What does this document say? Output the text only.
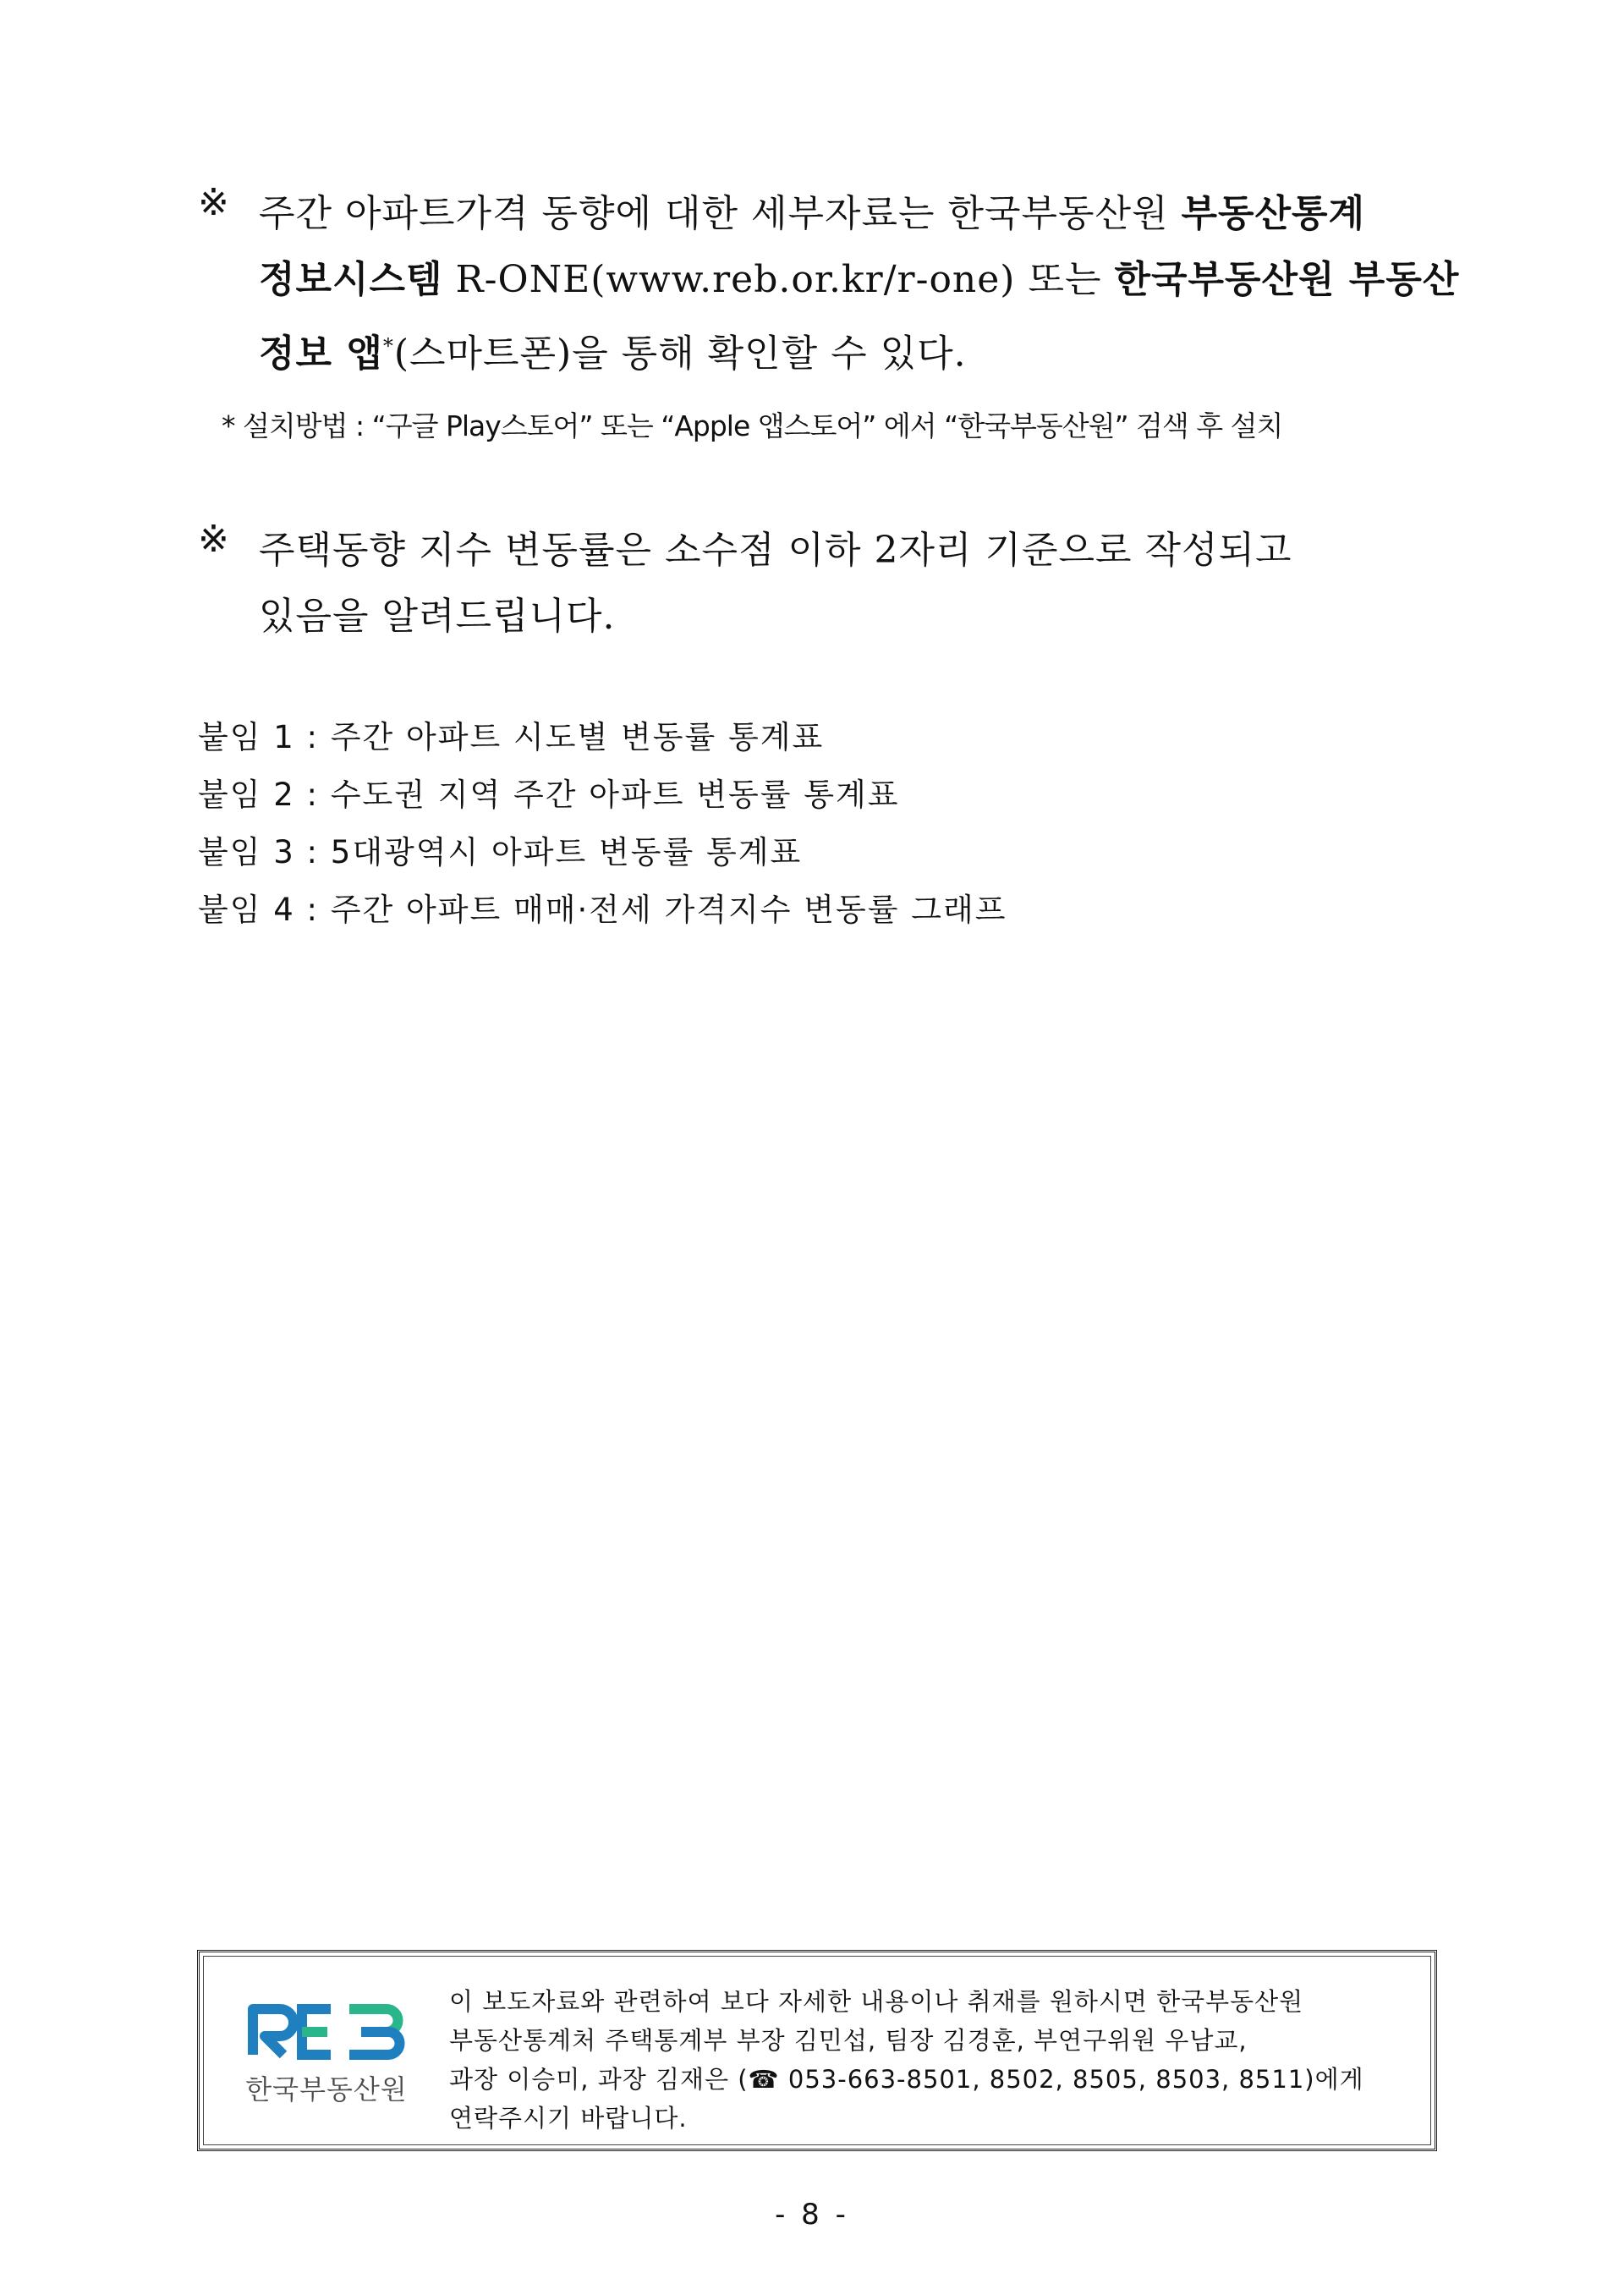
※ 주간 아파트가격 동향에 대한 세부자료는 한국부동산원 부동산통계
정보시스템 R-ONE(www.reb.or.kr/r-one) 또는 한국부동산원 부동산
정보 앱*(스마트폰)을 통해 확인할 수 있다.
* 설치방법 : “구글 Play스토어” 또는 “Apple 앱스토어” 에서 “한국부동산원” 검색 후 설치
※ 주택동향 지수 변동률은 소수점 이하 2자리 기준으로 작성되고
있음을 알려드립니다.
붙임 1 : 주간 아파트 시도별 변동률 통계표
붙임 2 : 수도권 지역 주간 아파트 변동률 통계표
붙임 3 : 5대광역시 아파트 변동률 통계표
붙임 4 : 주간 아파트 매매·전세 가격지수 변동률 그래프
한국부동산원
이 보도자료와 관련하여 보다 자세한 내용이나 취재를 원하시면 한국부동산원
부동산통계처 주택통계부 부장 김민섭, 팀장 김경훈, 부연구위원 우남교,
과장 이승미, 과장 김재은 (☎ 053-663-8501, 8502, 8505, 8503, 8511)에게
연락주시기 바랍니다.
- 8 -
